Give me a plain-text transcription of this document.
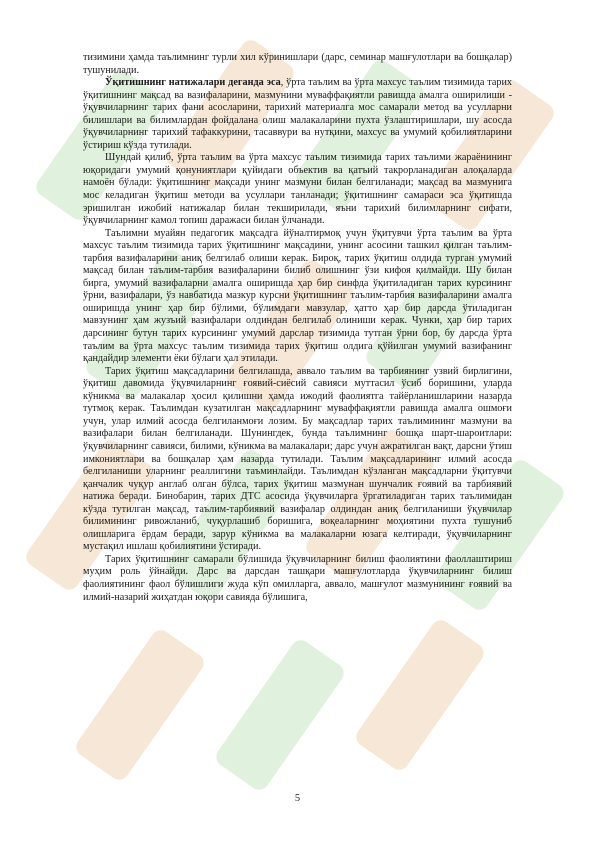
тизимини ҳамда таълимнинг турли хил кўринишлари (дарс, семинар машғулотлари ва бошқалар) тушунилади.

Ўқитишнинг натижалари деганда эса, ўрта таълим ва ўрта махсус таълим тизимида тарих ўқитишнинг мақсад ва вазифаларини, мазмунини муваффақиятли равишда амалга оширилиши - ўқувчиларнинг тарих фани асосларини, тарихий материалга мос самарали метод ва усулларни билишлари ва билимлардан фойдалана олиш малакаларини пухта ўзлаштиришлари, шу асосда ўқувчиларнинг тарихий тафаккурини, тасаввури ва нутқини, махсус ва умумий қобилиятларини ўстириш кўзда тутилади.

Шундай қилиб, ўрта таълим ва ўрта махсус таълим тизимида тарих таълими жараёнининг юқоридаги умумий қонуниятлари қуйидаги объектив ва қатъий такрорланадиган алоқаларда намоён бўлади: ўқитишнинг мақсади унинг мазмуни билан белгиланади; мақсад ва мазмунига мос келадиган ўқитиш методи ва усуллари танланади; ўқитишнинг самараси эса ўқитишда эришилган ижобий натижалар билан текширилади, яъни тарихий билимларнинг сифати, ўқувчиларнинг камол топиш даражаси билан ўлчанади.

Таълимни муайян педагогик мақсадга йўналтирмоқ учун ўқитувчи ўрта таълим ва ўрта махсус таълим тизимида тарих ўқитишнинг мақсадини, унинг асосини ташкил қилган таълим-тарбия вазифаларини аниқ белгилаб олиши керак. Бироқ, тарих ўқитиш олдида турган умумий мақсад билан таълим-тарбия вазифаларини билиб олишнинг ўзи кифоя қилмайди. Шу билан бирга, умумий вазифаларни амалга оширишда ҳар бир синфда ўқитиладиган тарих курсининг ўрни, вазифалари, ўз навбатида мазкур курсни ўқитишнинг таълим-тарбия вазифаларини амалга оширишда унинг ҳар бир бўлими, бўлимдаги мавзулар, ҳатто ҳар бир дарсда ўтиладиган мавзунинг ҳам жузъий вазифалари олдиндан белгилаб олиниши керак. Чунки, ҳар бир тарих дарсининг бутун тарих курсининг умумий дарслар тизимида тутган ўрни бор, бу дарсда ўрта таълим ва ўрта махсус таълим тизимида тарих ўқитиш олдига қўйилган умумий вазифанинг қандайдир элементи ёки бўлаги ҳал этилади.

Тарих ўқитиш мақсадларини белгилашда, аввало таълим ва тарбиянинг узвий бирлигини, ўқитиш давомида ўқувчиларнинг ғоявий-сиёсий савияси муттасил ўсиб боришини, уларда кўникма ва малакалар ҳосил қилишни ҳамда ижодий фаолиятга тайёрланишларини назарда тутмоқ керак. Таълимдан кузатилган мақсадларнинг муваффақиятли равишда амалга ошмоғи учун, улар илмий асосда белгиланмоғи лозим. Бу мақсадлар тарих таълимининг мазмуни ва вазифалари билан белгиланади. Шунингдек, бунда таълимнинг бошқа шарт-шароитлари: ўқувчиларнинг савияси, билими, кўникма ва малакалари; дарс учун ажратилган вақт, дарсни ўтиш имкониятлари ва бошқалар ҳам назарда тутилади. Таълим мақсадларининг илмий асосда белгиланиши уларнинг реаллигини таъминлайди. Таълимдан кўзланган мақсадларни ўқитувчи қанчалик чуқур англаб олган бўлса, тарих ўқитиш мазмунан шунчалик ғоявий ва тарбиявий натижа беради. Бинобарин, тарих ДТС асосида ўқувчиларга ўргатиладиган тарих таълимидан кўзда тутилган мақсад, таълим-тарбиявий вазифалар олдиндан аниқ белгиланиши ўқувчилар билимининг ривожланиб, чуқурлашиб боришига, воқеаларнинг моҳиятини пухта тушуниб олишларига ёрдам беради, зарур кўникма ва малакаларни юзага келтиради, ўқувчиларнинг мустақил ишлаш қобилиятини ўстиради.

Тарих ўқитишнинг самарали бўлишида ўқувчиларнинг билиш фаолиятини фаоллаштириш муҳим роль ўйнайди. Дарс ва дарсдан ташқари машғулотларда ўқувчиларнинг билиш фаолиятининг фаол бўлишлиги жуда кўп омилларга, аввало, машғулот мазмунининг ғоявий ва илмий-назарий жиҳатдан юқори савияда бўлишига,

5
